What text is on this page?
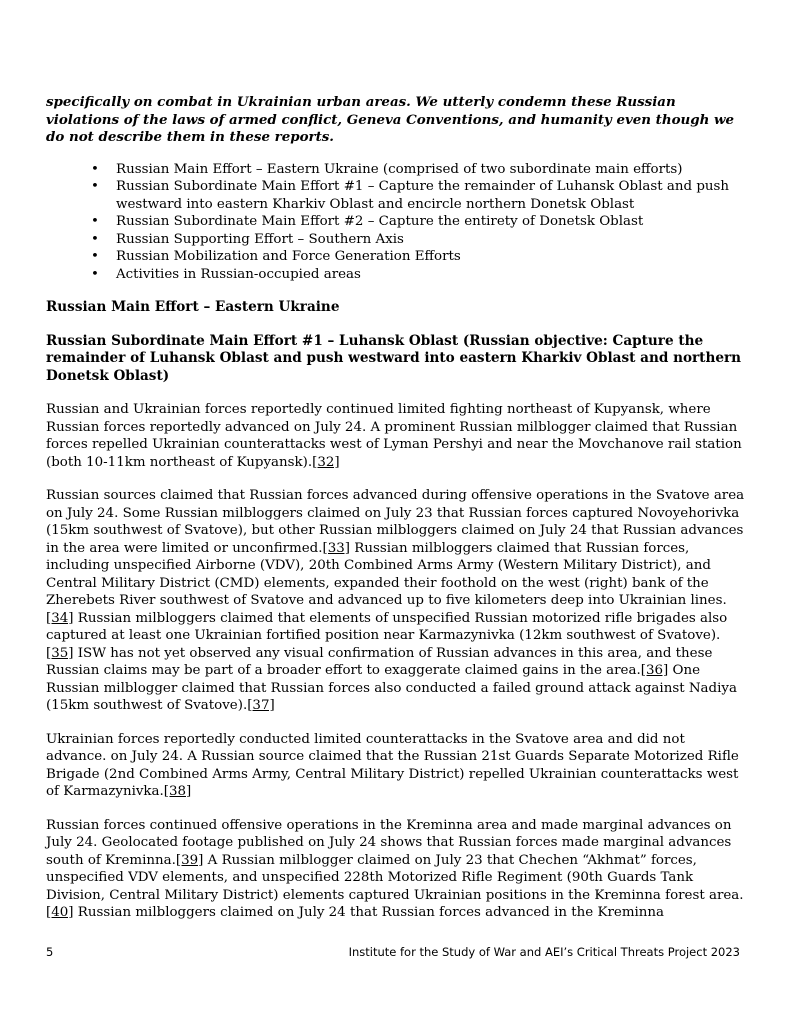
specifically on combat in Ukrainian urban areas. We utterly condemn these Russian violations of the laws of armed conflict, Geneva Conventions, and humanity even though we do not describe them in these reports.

• Russian Main Effort – Eastern Ukraine (comprised of two subordinate main efforts)
• Russian Subordinate Main Effort #1 – Capture the remainder of Luhansk Oblast and push westward into eastern Kharkiv Oblast and encircle northern Donetsk Oblast
• Russian Subordinate Main Effort #2 – Capture the entirety of Donetsk Oblast
• Russian Supporting Effort – Southern Axis
• Russian Mobilization and Force Generation Efforts
• Activities in Russian-occupied areas
Russian Main Effort – Eastern Ukraine
Russian Subordinate Main Effort #1 – Luhansk Oblast (Russian objective: Capture the remainder of Luhansk Oblast and push westward into eastern Kharkiv Oblast and northern Donetsk Oblast)

Russian and Ukrainian forces reportedly continued limited fighting northeast of Kupyansk, where Russian forces reportedly advanced on July 24. A prominent Russian milblogger claimed that Russian forces repelled Ukrainian counterattacks west of Lyman Pershyi and near the Movchanove rail station (both 10-11km northeast of Kupyansk).[32]

Russian sources claimed that Russian forces advanced during offensive operations in the Svatove area on July 24. Some Russian milbloggers claimed on July 23 that Russian forces captured Novoyehorivka (15km southwest of Svatove), but other Russian milbloggers claimed on July 24 that Russian advances in the area were limited or unconfirmed.[33] Russian milbloggers claimed that Russian forces, including unspecified Airborne (VDV), 20th Combined Arms Army (Western Military District), and Central Military District (CMD) elements, expanded their foothold on the west (right) bank of the Zherebets River southwest of Svatove and advanced up to five kilometers deep into Ukrainian lines.[34] Russian milbloggers claimed that elements of unspecified Russian motorized rifle brigades also captured at least one Ukrainian fortified position near Karmazynivka (12km southwest of Svatove).[35] ISW has not yet observed any visual confirmation of Russian advances in this area, and these Russian claims may be part of a broader effort to exaggerate claimed gains in the area.[36] One Russian milblogger claimed that Russian forces also conducted a failed ground attack against Nadiya (15km southwest of Svatove).[37]

Ukrainian forces reportedly conducted limited counterattacks in the Svatove area and did not advance. on July 24. A Russian source claimed that the Russian 21st Guards Separate Motorized Rifle Brigade (2nd Combined Arms Army, Central Military District) repelled Ukrainian counterattacks west of Karmazynivka.[38]

Russian forces continued offensive operations in the Kreminna area and made marginal advances on July 24. Geolocated footage published on July 24 shows that Russian forces made marginal advances south of Kreminna.[39] A Russian milblogger claimed on July 23 that Chechen “Akhmat” forces, unspecified VDV elements, and unspecified 228th Motorized Rifle Regiment (90th Guards Tank Division, Central Military District) elements captured Ukrainian positions in the Kreminna forest area.[40] Russian milbloggers claimed on July 24 that Russian forces advanced in the Kreminna

5	Institute for the Study of War and AEI’s Critical Threats Project 2023
